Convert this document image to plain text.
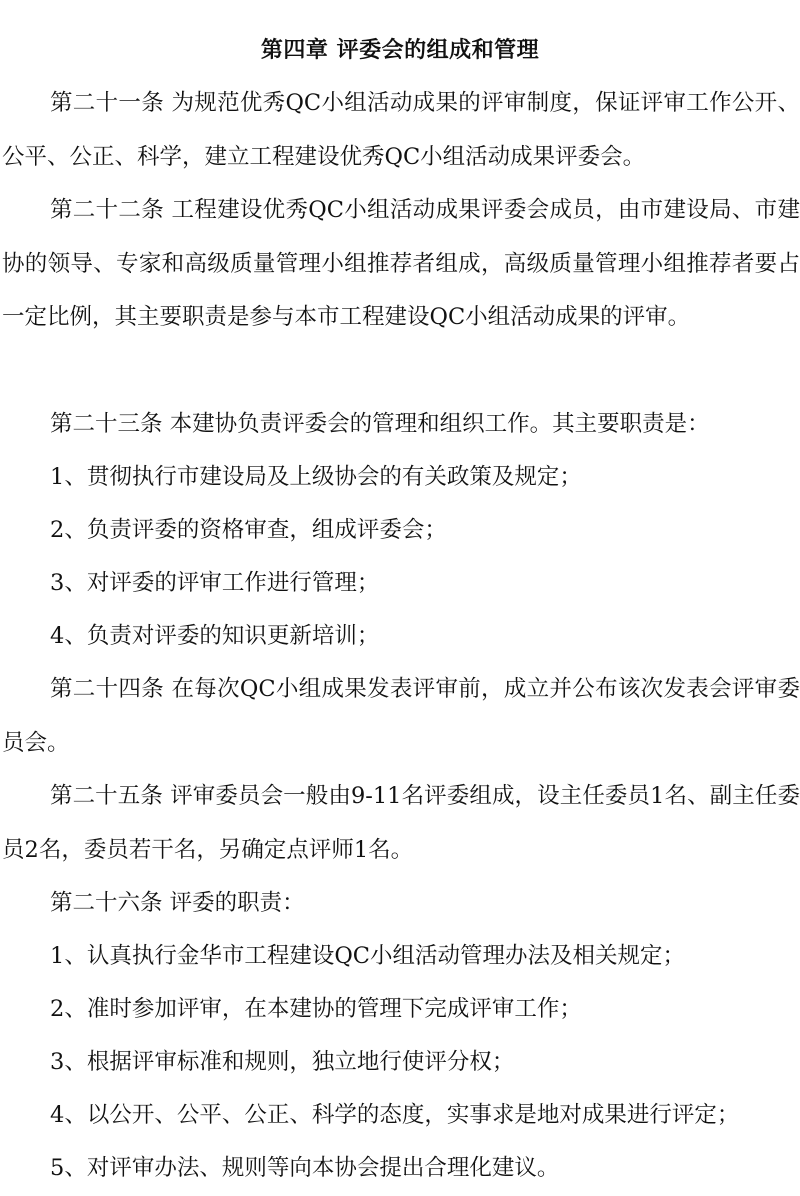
第四章 评委会的组成和管理

第二十一条 为规范优秀QC小组活动成果的评审制度，保证评审工作公开、公平、公正、科学，建立工程建设优秀QC小组活动成果评委会。

第二十二条 工程建设优秀QC小组活动成果评委会成员，由市建设局、市建协的领导、专家和高级质量管理小组推荐者组成，高级质量管理小组推荐者要占一定比例，其主要职责是参与本市工程建设QC小组活动成果的评审。

第二十三条 本建协负责评委会的管理和组织工作。其主要职责是：

1、贯彻执行市建设局及上级协会的有关政策及规定；

2、负责评委的资格审查，组成评委会；

3、对评委的评审工作进行管理；

4、负责对评委的知识更新培训；

第二十四条 在每次QC小组成果发表评审前，成立并公布该次发表会评审委员会。

第二十五条 评审委员会一般由9-11名评委组成，设主任委员1名、副主任委员2名，委员若干名，另确定点评师1名。

第二十六条 评委的职责：

1、认真执行金华市工程建设QC小组活动管理办法及相关规定；

2、准时参加评审，在本建协的管理下完成评审工作；

3、根据评审标准和规则，独立地行使评分权；

4、以公开、公平、公正、科学的态度，实事求是地对成果进行评定；

5、对评审办法、规则等向本协会提出合理化建议。
